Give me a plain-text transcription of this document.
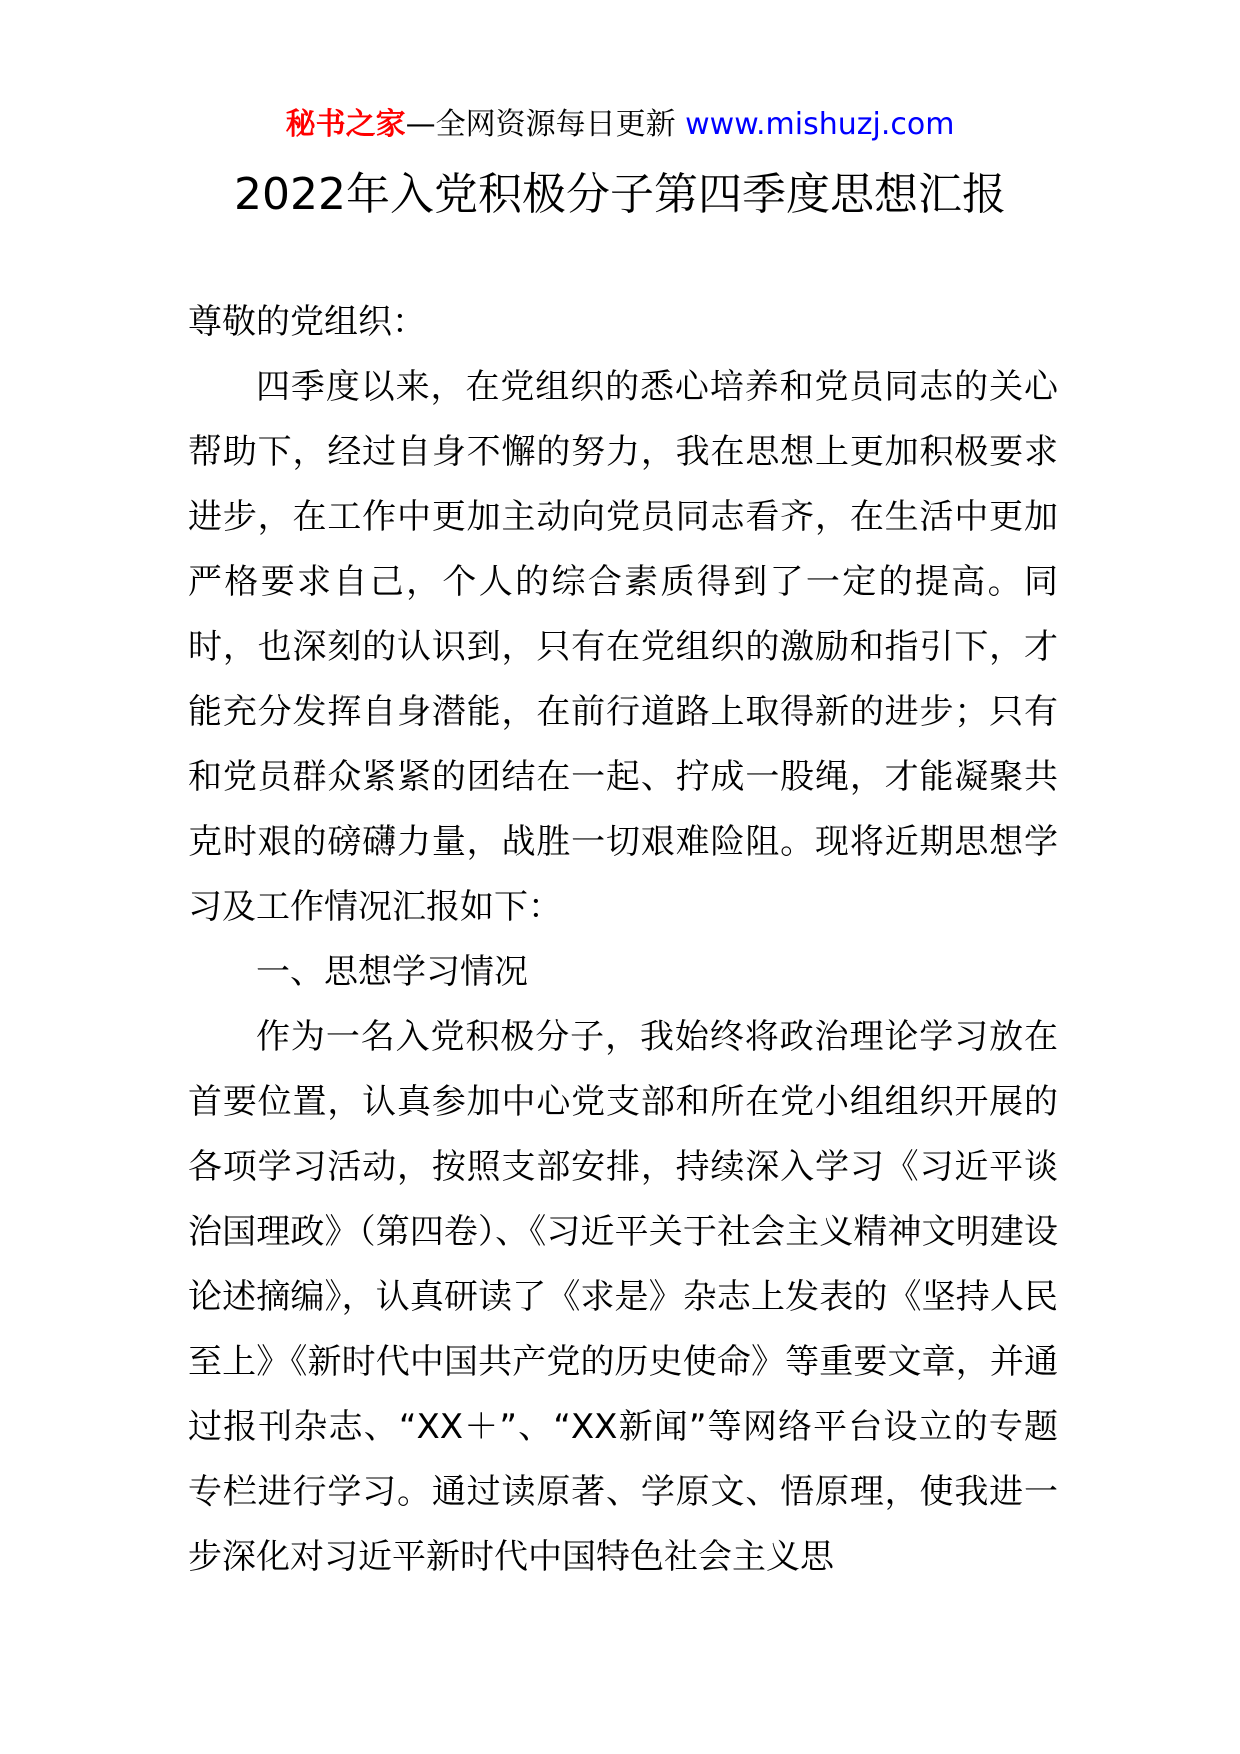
秘书之家—全网资源每日更新 www.mishuzj.com
2022年入党积极分子第四季度思想汇报

尊敬的党组织：

四季度以来，在党组织的悉心培养和党员同志的关心帮助下，经过自身不懈的努力，我在思想上更加积极要求进步，在工作中更加主动向党员同志看齐，在生活中更加严格要求自己，个人的综合素质得到了一定的提高。同时，也深刻的认识到，只有在党组织的激励和指引下，才能充分发挥自身潜能，在前行道路上取得新的进步；只有和党员群众紧紧的团结在一起、拧成一股绳，才能凝聚共克时艰的磅礴力量，战胜一切艰难险阻。现将近期思想学习及工作情况汇报如下：

一、思想学习情况

作为一名入党积极分子，我始终将政治理论学习放在首要位置，认真参加中心党支部和所在党小组组织开展的各项学习活动，按照支部安排，持续深入学习《习近平谈治国理政》（第四卷）、《习近平关于社会主义精神文明建设论述摘编》，认真研读了《求是》杂志上发表的《坚持人民至上》《新时代中国共产党的历史使命》等重要文章，并通过报刊杂志、“XX＋”、“XX新闻”等网络平台设立的专题专栏进行学习。通过读原著、学原文、悟原理，使我进一步深化对习近平新时代中国特色社会主义思
